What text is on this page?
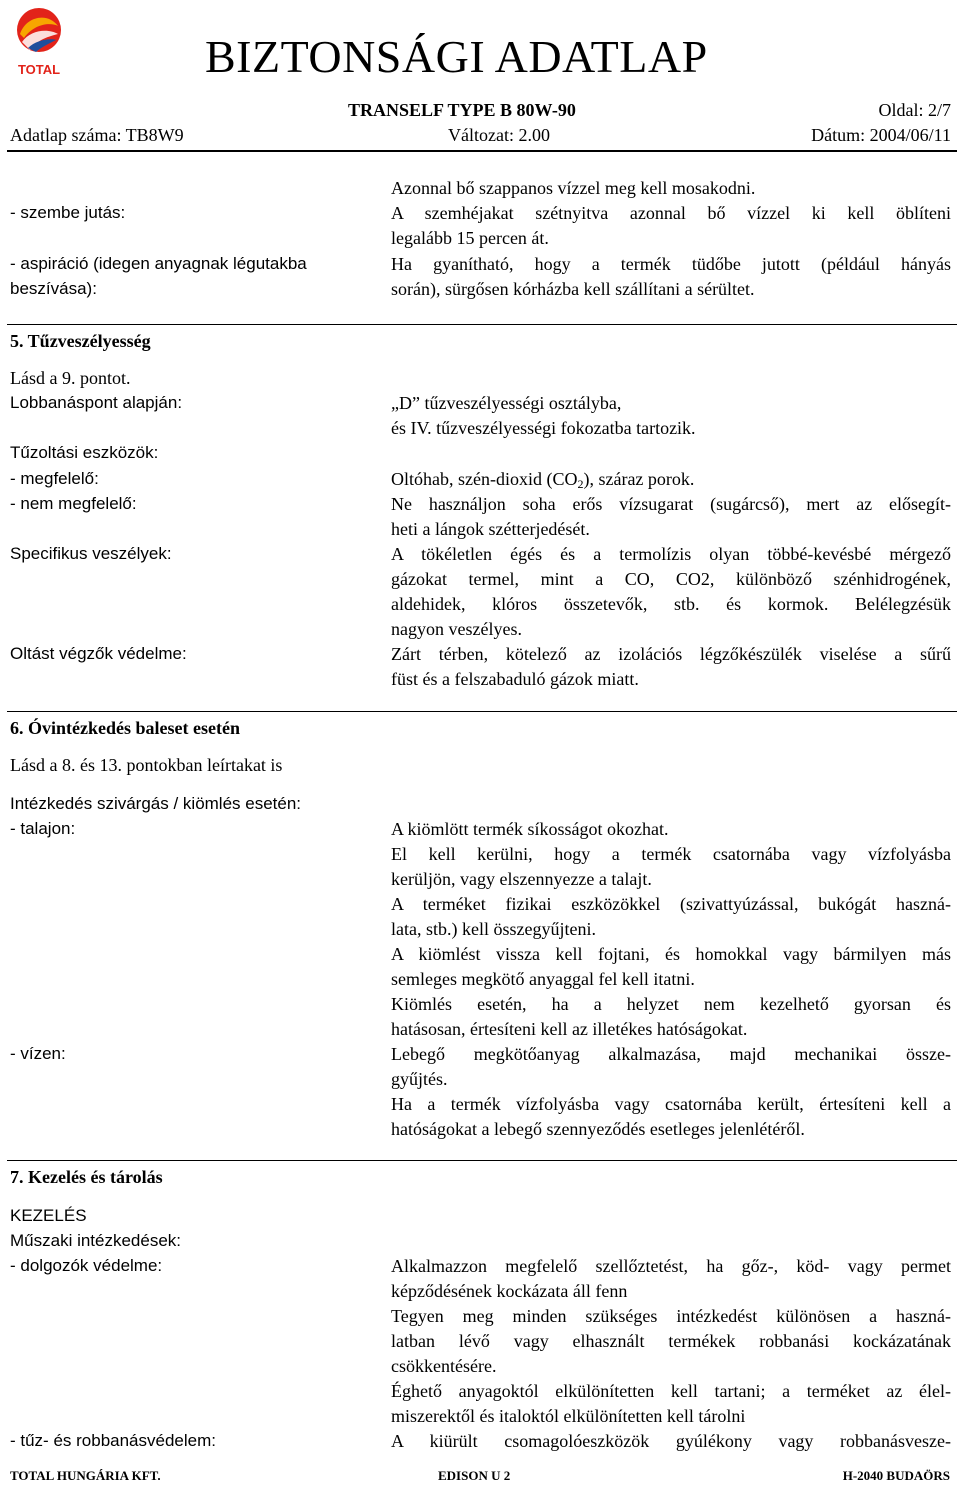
TOTAL	BIZTONSÁGI ADATLAP
TRANSELF TYPE B 80W-90	Oldal: 2/7
Adatlap száma: TB8W9	Változat: 2.00	Dátum: 2004/06/11
Azonnal bő szappanos vízzel meg kell mosakodni.
- szembe jutás:	A szemhéjakat szétnyitva azonnal bő vízzel ki kell öblíteni
legalább 15 percen át.
- aspiráció (idegen anyagnak légutakba
beszívása):
Ha gyanítható, hogy a termék tüdőbe jutott (például hányás
során), sürgősen kórházba kell szállítani a sérültet.
5. Tűzveszélyesség
Lásd a 9. pontot.
Lobbanáspont alapján:	„D” tűzveszélyességi osztályba,
és IV. tűzveszélyességi fokozatba tartozik.
Tűzoltási eszközök:
- megfelelő:	Oltóhab, szén-dioxid $(CO_2)$, száraz porok.
- nem megfelelő:	Ne használjon soha erős vízsugarat (sugárcső), mert az elősegít-
heti a lángok szétterjedését.
Specifikus veszélyek:	A tökéletlen égés és a termolízis olyan többé-kevésbé mérgező
gázokat termel, mint a CO, CO2, különböző szénhidrogének,
aldehidek, klóros összetevők, stb. és kormok. Belélegzésük
nagyon veszélyes.
Oltást végzők védelme:	Zárt térben, kötelező az izolációs légzőkészülék viselése a sűrű
füst és a felszabaduló gázok miatt.
6. Óvintézkedés baleset esetén
Lásd a 8. és 13. pontokban leírtakat is
Intézkedés szivárgás / kiömlés esetén:
- talajon:	A kiömlött termék síkosságot okozhat.
El kell kerülni, hogy a termék csatornába vagy vízfolyásba
kerüljön, vagy elszennyezze a talajt.
A terméket fizikai eszközökkel (szivattyúzással, bukógát haszná-
lata, stb.) kell összegyűjteni.
A kiömlést vissza kell fojtani, és homokkal vagy bármilyen más
semleges megkötő anyaggal fel kell itatni.
Kiömlés esetén, ha a helyzet nem kezelhető gyorsan és
hatásosan, értesíteni kell az illetékes hatóságokat.
- vízen:	Lebegő megkötőanyag alkalmazása, majd mechanikai össze-
gyűjtés.
Ha a termék vízfolyásba vagy csatornába került, értesíteni kell a
hatóságokat a lebegő szennyeződés esetleges jelenlétéről.
7. Kezelés és tárolás
KEZELÉS
Műszaki intézkedések:
- dolgozók védelme:	Alkalmazzon megfelelő szellőztetést, ha gőz-, köd- vagy permet
képződésének kockázata áll fenn
Tegyen meg minden szükséges intézkedést különösen a haszná-
latban lévő vagy elhasznált termékek robbanási kockázatának
csökkentésére.
Éghető anyagoktól elkülönítetten kell tartani; a terméket az élel-
miszerektől és italoktól elkülönítetten kell tárolni
- tűz- és robbanásvédelem:	A kiürült csomagolóeszközök gyúlékony vagy robbanásvesze-
TOTAL HUNGÁRIA KFT.	EDISON U 2	H-2040 BUDAÖRS
